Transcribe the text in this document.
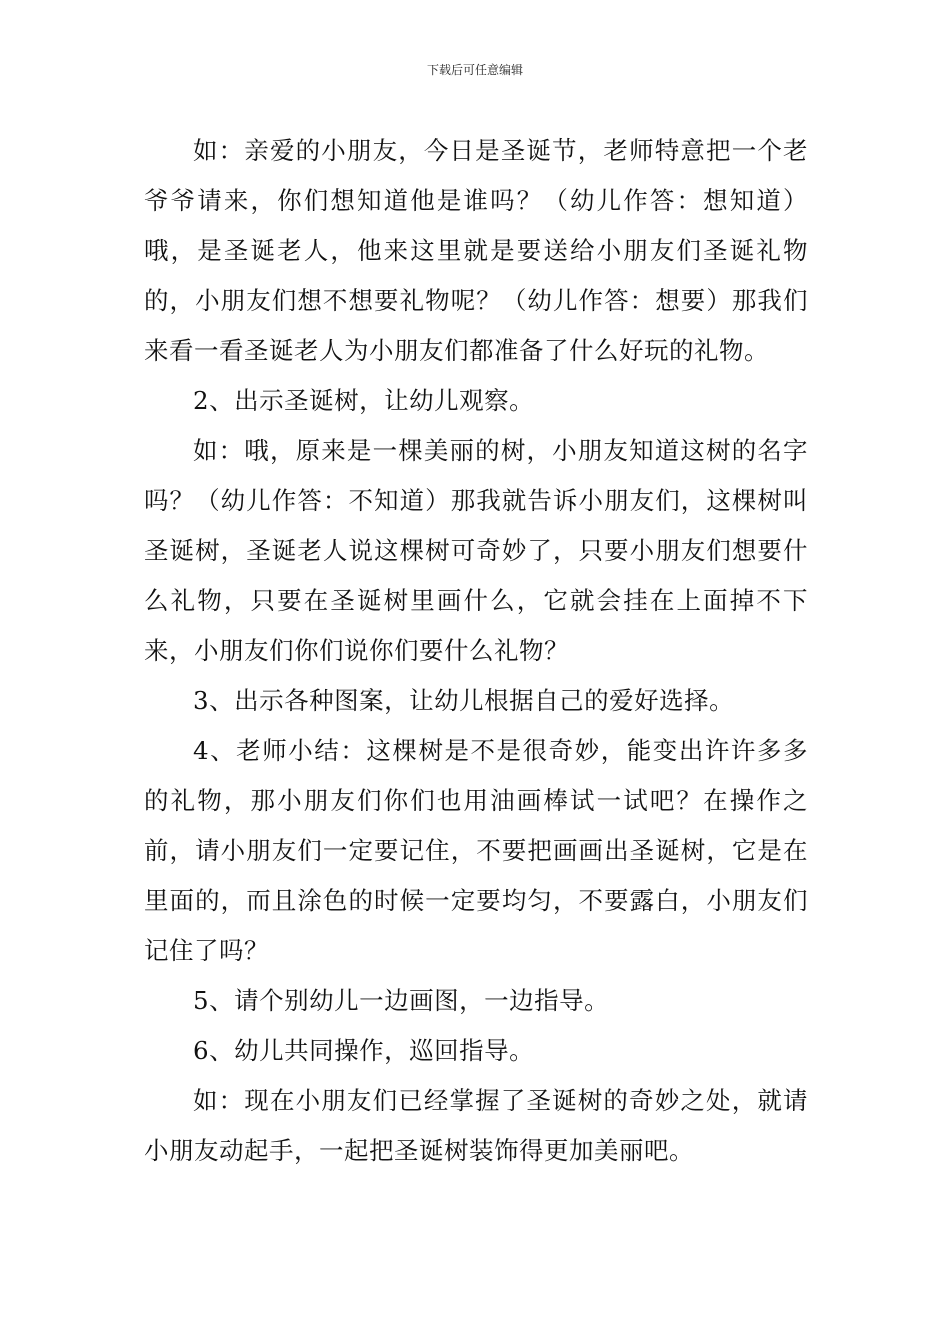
下载后可任意编辑

如：亲爱的小朋友，今日是圣诞节，老师特意把一个老爷爷请来，你们想知道他是谁吗？（幼儿作答：想知道）哦，是圣诞老人，他来这里就是要送给小朋友们圣诞礼物的，小朋友们想不想要礼物呢？（幼儿作答：想要）那我们来看一看圣诞老人为小朋友们都准备了什么好玩的礼物。

2、出示圣诞树，让幼儿观察。

如：哦，原来是一棵美丽的树，小朋友知道这树的名字吗？（幼儿作答：不知道）那我就告诉小朋友们，这棵树叫圣诞树，圣诞老人说这棵树可奇妙了，只要小朋友们想要什么礼物，只要在圣诞树里画什么，它就会挂在上面掉不下来，小朋友们你们说你们要什么礼物？

3、出示各种图案，让幼儿根据自己的爱好选择。

4、老师小结：这棵树是不是很奇妙，能变出许许多多的礼物，那小朋友们你们也用油画棒试一试吧？在操作之前，请小朋友们一定要记住，不要把画画出圣诞树，它是在里面的，而且涂色的时候一定要均匀，不要露白，小朋友们记住了吗？

5、请个别幼儿一边画图，一边指导。

6、幼儿共同操作，巡回指导。

如：现在小朋友们已经掌握了圣诞树的奇妙之处，就请小朋友动起手，一起把圣诞树装饰得更加美丽吧。
